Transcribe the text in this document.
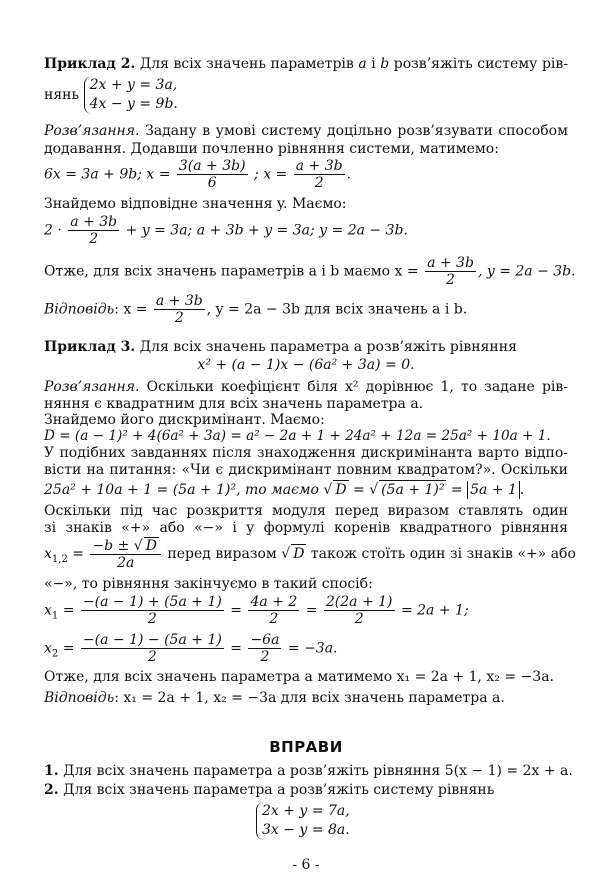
Приклад 2. Для всіх значень параметрів a і b розв’яжіть систему рів-
нянь
2x + y = 3a,
4x − y = 9b.
Розв’язання. Задану в умові систему доцільно розв’язувати способом
додавання. Додавши почленно рівняння системи, матимемо:
6x = 3a + 9b; $x = \frac{3(a + 3b)}{6}$ ; $x = \frac{a + 3b}{2}$ .
Знайдемо відповідне значення y. Маємо:
$2 \cdot \frac{a + 3b}{2} + y = 3a$; a + 3b + y = 3a; y = 2a − 3b.
Отже, для всіх значень параметрів a і b маємо $x = \frac{a + 3b}{2}$ , y = 2a − 3b.
Відповідь: $x = \frac{a + 3b}{2}$ , y = 2a − 3b для всіх значень a і b.
Приклад 3. Для всіх значень параметра a розв’яжіть рівняння
x² + (a − 1)x − (6a² + 3a) = 0.
Розв’язання. Оскільки коефіцієнт біля x² дорівнює 1, то задане рів-
няння є квадратним для всіх значень параметра a.
Знайдемо його дискримінант. Маємо:
D = (a − 1)² + 4(6a² + 3a) = a² − 2a + 1 + 24a² + 12a = 25a² + 10a + 1.
У подібних завданнях після знаходження дискримінанта варто відпо-
вісти на питання: «Чи є дискримінант повним квадратом?». Оскільки
25a² + 10a + 1 = (5a + 1)², то маємо √ D = √ (5a + 1)² = 5a + 1 .
Оскільки під час розкриття модуля перед виразом ставлять один
зі знаків «+» або «−» і у формулі коренів квадратного рівняння
$x_{1,2} = \frac{-b \pm √ D}{2a}$ перед виразом √ D також стоїть один зі знаків «+» або
«−», то рівняння закінчуємо в такий спосіб:
$x_1 = \frac{-(a - 1) + (5a + 1)}{2} = \frac{4a + 2}{2} = \frac{2(2a + 1)}{2} = 2a + 1$;
$x_2 = \frac{-(a - 1) - (5a + 1)}{2} = \frac{-6a}{2} = -3a$.
Отже, для всіх значень параметра a матимемо x₁ = 2a + 1, x₂ = −3a.
Відповідь: x₁ = 2a + 1, x₂ = −3a для всіх значень параметра a.
ВПРАВИ
1. Для всіх значень параметра a розв’яжіть рівняння 5(x − 1) = 2x + a.
2. Для всіх значень параметра a розв’яжіть систему рівнянь
2x + y = 7a,
3x − y = 8a.
- 6 -
